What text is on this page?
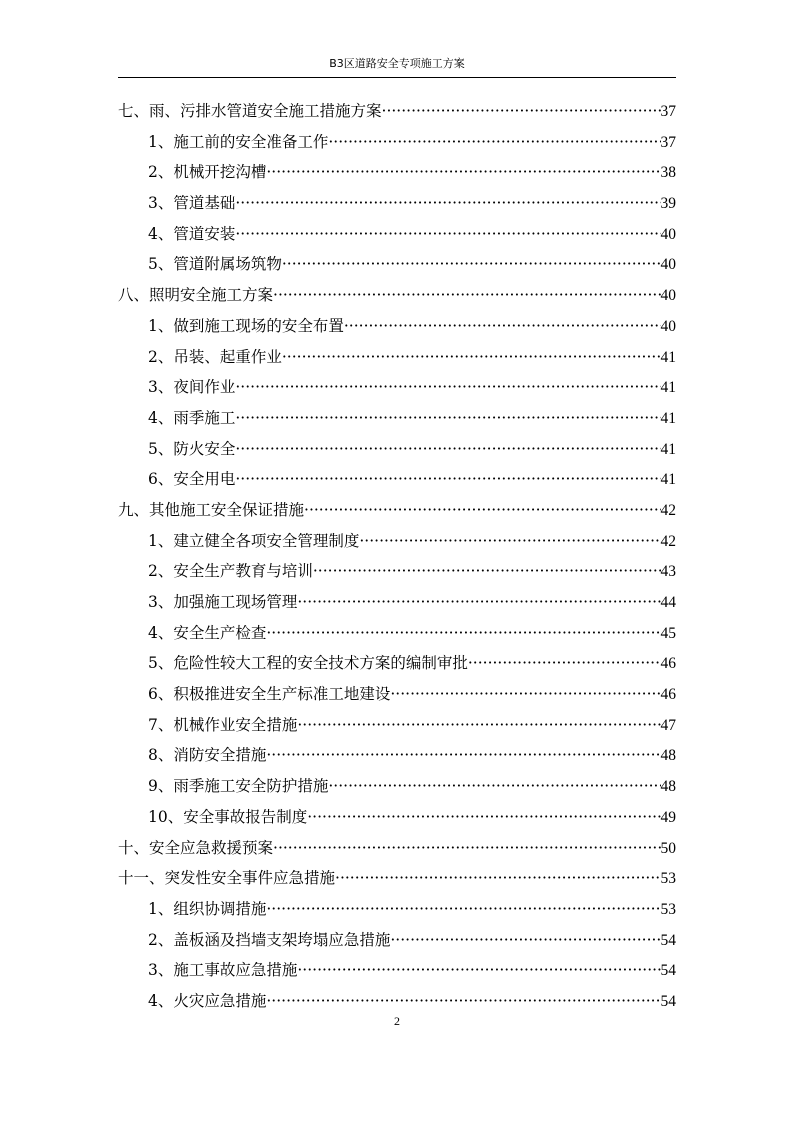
B3区道路安全专项施工方案
七、雨、污排水管道安全施工措施方案 ·····	37
1、施工前的安全准备工作 ·····	37
2、机械开挖沟槽 ·····	38
3、管道基础 ·····	39
4、管道安装 ·····	40
5、管道附属场筑物 ·····	40
八、照明安全施工方案 ·····	40
1、做到施工现场的安全布置 ·····	40
2、吊装、起重作业 ·····	41
3、夜间作业 ·····	41
4、雨季施工 ·····	41
5、防火安全 ·····	41
6、安全用电 ·····	41
九、其他施工安全保证措施 ·····	42
1、建立健全各项安全管理制度 ·····	42
2、安全生产教育与培训 ·····	43
3、加强施工现场管理 ·····	44
4、安全生产检查 ·····	45
5、危险性较大工程的安全技术方案的编制审批 ·····	46
6、积极推进安全生产标准工地建设 ·····	46
7、机械作业安全措施 ·····	47
8、消防安全措施 ·····	48
9、雨季施工安全防护措施 ·····	48
10、安全事故报告制度 ·····	49
十、安全应急救援预案 ·····	50
十一、突发性安全事件应急措施 ·····	53
1、组织协调措施 ·····	53
2、盖板涵及挡墙支架垮塌应急措施 ·····	54
3、施工事故应急措施 ·····	54
4、火灾应急措施 ·····	54
2
